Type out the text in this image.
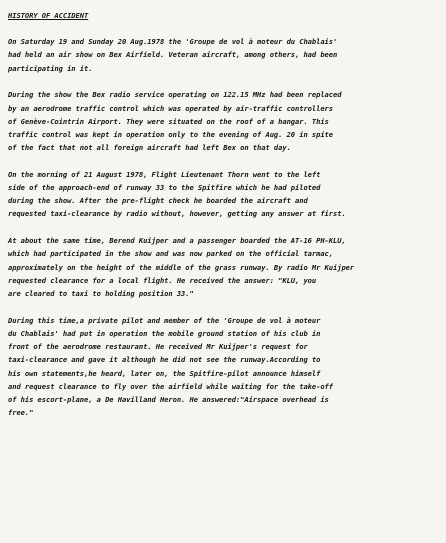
HISTORY OF ACCIDENT
On Saturday 19 and Sunday 20 Aug.1978 the 'Groupe de vol à moteur du Chablais'
had held an air show on Bex Airfield. Veteran aircraft, among others, had been
participating in it.
During the show the Bex radio service operating on 122.15 MHz had been replaced
by an aerodrome traffic control which was operated by air-traffic controllers
of Genève-Cointrin Airport. They were situated on the roof of a hangar. This
traffic control was kept in operation only to the evening of Aug. 20 in spite
of the fact that not all foreign aircraft had left Bex on that day.
On the morning of 21 August 1978, Flight Lieutenant Thorn went to the left
side of the approach-end of runway 33 to the Spitfire which he had piloted
during the show. After the pre-flight check he boarded the aircraft and
requested taxi-clearance by radio without, however, getting any answer at first.
At about the same time, Berend Kuijper and a passenger boarded the AT-16 PH-KLU,
which had participated in the show and was now parked on the official tarmac,
approximately on the height of the middle of the grass runway. By radio Mr Kuijper
requested clearance for a local flight. He received the answer: "KLU, you
are cleared to taxi to holding position 33."
During this time,a private pilot and member of the 'Groupe de vol à moteur
du Chablais' had put in operation the mobile ground station of his club in
front of the aerodrome restaurant. He received Mr Kuijper's request for
taxi-clearance and gave it although he did not see the runway.According to
his own statements,he heard, later on, the Spitfire-pilot announce himself
and request clearance to fly over the airfield while waiting for the take-off
of his escort-plane, a De Havilland Heron. He answered:"Airspace overhead is
free."
